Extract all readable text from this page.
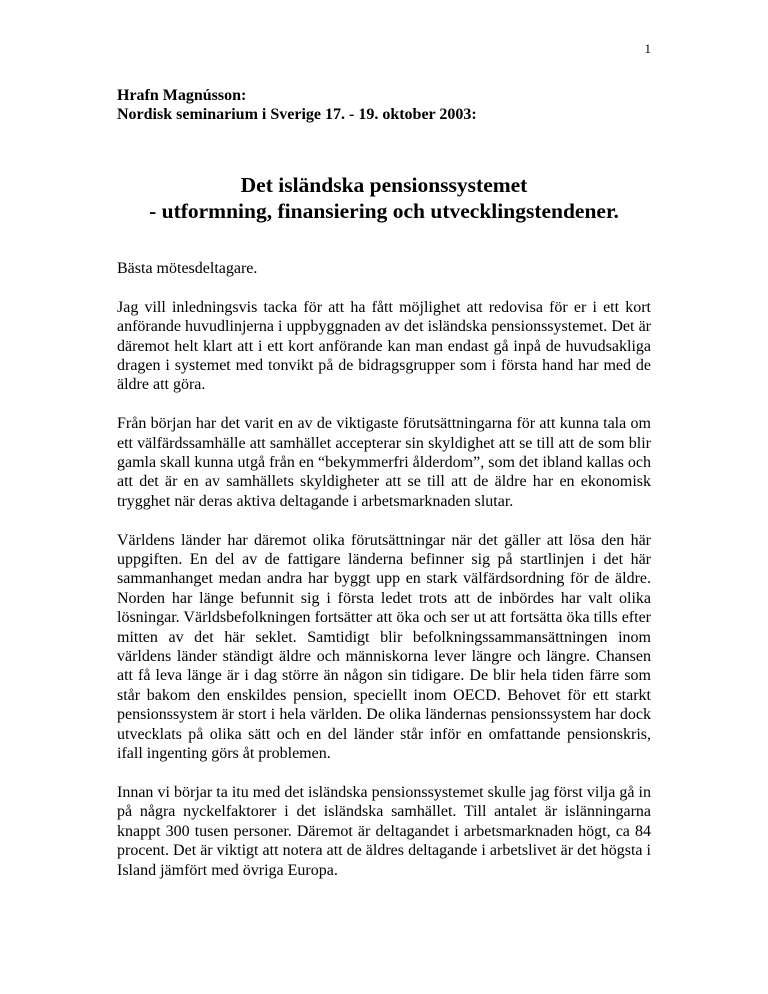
1
Hrafn Magnússon:
Nordisk seminarium i Sverige 17. - 19. oktober 2003:
Det isländska pensionssystemet
- utformning, finansiering och utvecklingstendener.

Bästa mötesdeltagare.

Jag vill inledningsvis tacka för att ha fått möjlighet att redovisa för er i ett kort anförande huvudlinjerna i uppbyggnaden av det isländska pensionssystemet. Det är däremot helt klart att i ett kort anförande kan man endast gå inpå de huvudsakliga dragen i systemet med tonvikt på de bidragsgrupper som i första hand har med de äldre att göra.

Från början har det varit en av de viktigaste förutsättningarna för att kunna tala om ett välfärdssamhälle att samhället accepterar sin skyldighet att se till att de som blir gamla skall kunna utgå från en “bekymmerfri ålderdom”, som det ibland kallas och att det är en av samhällets skyldigheter att se till att de äldre har en ekonomisk trygghet när deras aktiva deltagande i arbetsmarknaden slutar.

Världens länder har däremot olika förutsättningar när det gäller att lösa den här uppgiften. En del av de fattigare länderna befinner sig på startlinjen i det här sammanhanget medan andra har byggt upp en stark välfärdsordning för de äldre. Norden har länge befunnit sig i första ledet trots att de inbördes har valt olika lösningar. Världsbefolkningen fortsätter att öka och ser ut att fortsätta öka tills efter mitten av det här seklet. Samtidigt blir befolkningssammansättningen inom världens länder ständigt äldre och människorna lever längre och längre. Chansen att få leva länge är i dag större än någon sin tidigare. De blir hela tiden färre som står bakom den enskildes pension, speciellt inom OECD. Behovet för ett starkt pensionssystem är stort i hela världen. De olika ländernas pensionssystem har dock utvecklats på olika sätt och en del länder står inför en omfattande pensionskris, ifall ingenting görs åt problemen.

Innan vi börjar ta itu med det isländska pensionssystemet skulle jag först vilja gå in på några nyckelfaktorer i det isländska samhället. Till antalet är islänningarna knappt 300 tusen personer. Däremot är deltagandet i arbetsmarknaden högt, ca 84 procent. Det är viktigt att notera att de äldres deltagande i arbetslivet är det högsta i Island jämfört med övriga Europa.
